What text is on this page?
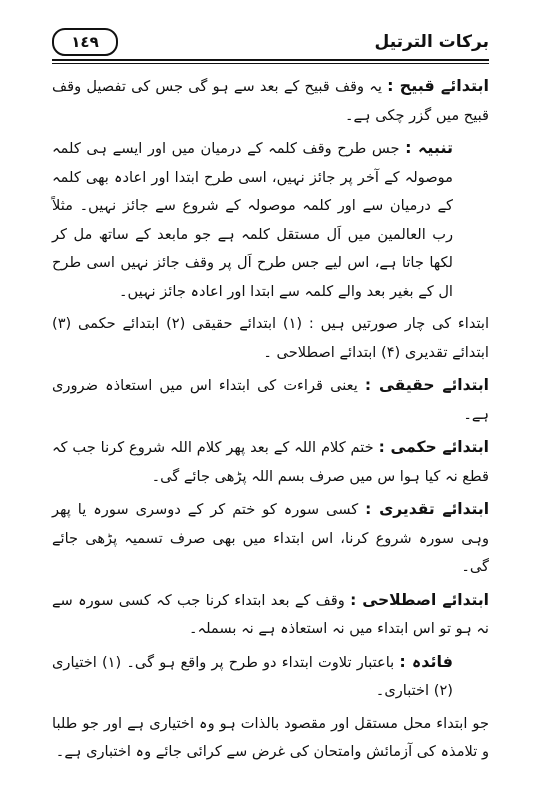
برکات الترتیل
١٤٩

ابتدائے قبیح : یہ وقف قبیح کے بعد سے ہو گی جس کی تفصیل وقف قبیح میں گزر چکی ہے۔

تنبیہ : جس طرح وقف کلمہ کے درمیان میں اور ایسے ہی کلمہ موصولہ کے آخر پر جائز نہیں، اسی طرح ابتدا اور اعادہ بھی کلمہ کے درمیان سے اور کلمہ موصولہ کے شروع سے جائز نہیں۔ مثلاً رب العالمین میں اَل مستقل کلمہ ہے جو مابعد کے ساتھ مل کر لکھا جاتا ہے، اس لیے جس طرح اَل پر وقف جائز نہیں اسی طرح ال کے بغیر بعد والے کلمہ سے ابتدا اور اعادہ جائز نہیں۔

ابتداء کی چار صورتیں ہیں : (۱) ابتدائے حقیقی (۲) ابتدائے حکمی (۳) ابتدائے تقدیری (۴) ابتدائے اصطلاحی ۔

ابتدائے حقیقی : یعنی قراءت کی ابتداء اس میں استعاذہ ضروری ہے۔

ابتدائے حکمی : ختم کلام اللہ کے بعد پھر کلام اللہ شروع کرنا جب کہ قطع نہ کیا ہوا س میں صرف بسم اللہ پڑھی جائے گی۔

ابتدائے تقدیری : کسی سورہ کو ختم کر کے دوسری سورہ یا پھر وہی سورہ شروع کرنا، اس ابتداء میں بھی صرف تسمیہ پڑھی جائے گی۔

ابتدائے اصطلاحی : وقف کے بعد ابتداء کرنا جب کہ کسی سورہ سے نہ ہو تو اس ابتداء میں نہ استعاذہ ہے نہ بسملہ۔

فائدہ : باعتبار تلاوت ابتداء دو طرح پر واقع ہو گی۔ (۱) اختیاری (۲) اختباری۔

جو ابتداء محل مستقل اور مقصود بالذات ہو وہ اختیاری ہے اور جو طلبا و تلامذہ کی آزمائش وامتحان کی غرض سے کرائی جائے وہ اختباری ہے۔
